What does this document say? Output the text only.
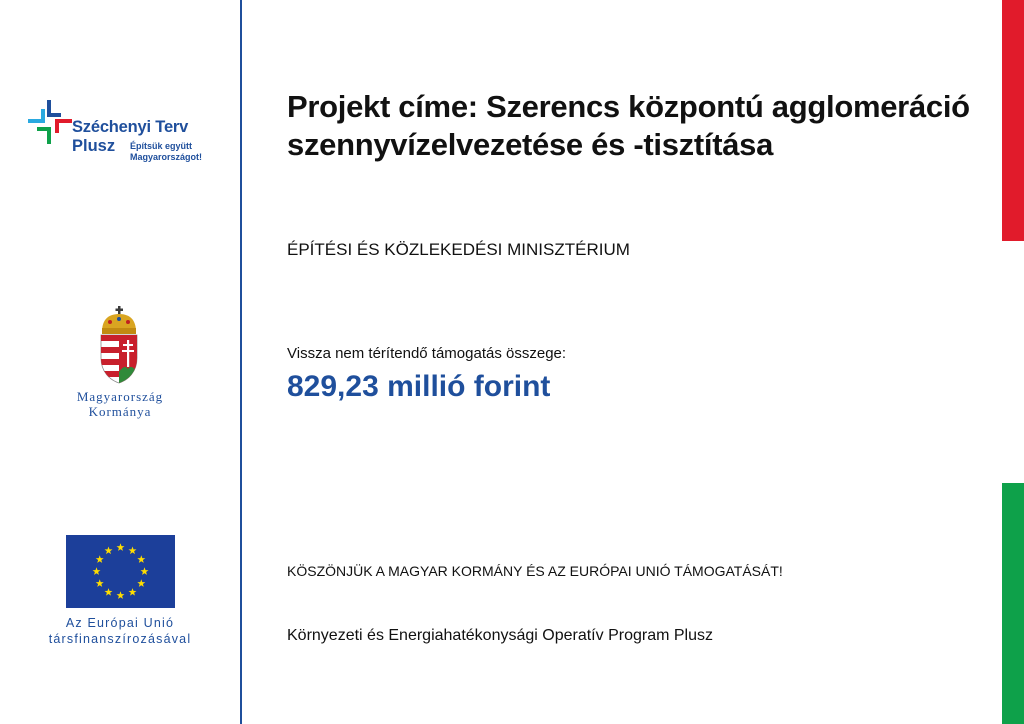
Széchenyi Terv
Plusz Építsük együtt
Magyarországot!
Magyarország
Kormánya
Az Európai Unió
társfinanszírozásával
Projekt címe: Szerencs központú agglomeráció szennyvízelvezetése és -tisztítása
ÉPÍTÉSI ÉS KÖZLEKEDÉSI MINISZTÉRIUM
Vissza nem térítendő támogatás összege:
829,23 millió forint
KÖSZÖNJÜK A MAGYAR KORMÁNY ÉS AZ EURÓPAI UNIÓ TÁMOGATÁSÁT!
Környezeti és Energiahatékonysági Operatív Program Plusz
